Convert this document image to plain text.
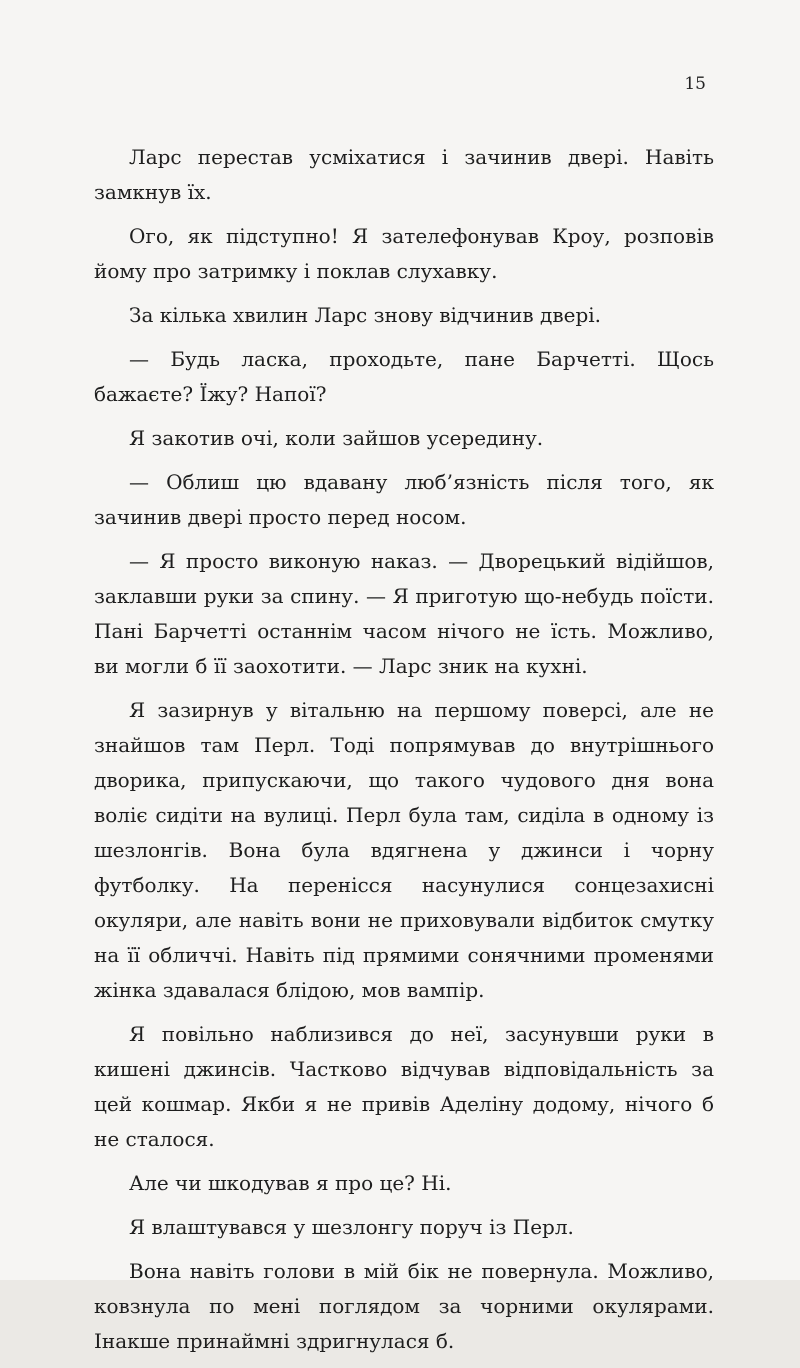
15

Ларс перестав усміхатися і зачинив двері. Навіть замкнув їх.

Ого, як підступно! Я зателефонував Кроу, розповів йому про затримку і поклав слухавку.

За кілька хвилин Ларс знову відчинив двері.

— Будь ласка, проходьте, пане Барчетті. Щось бажаєте? Їжу? Напої?

Я закотив очі, коли зайшов усередину.

— Облиш цю вдавану люб’язність після того, як зачинив двері просто перед носом.

— Я просто виконую наказ. — Дворецький відійшов, заклавши руки за спину. — Я приготую що-небудь поїсти. Пані Барчетті останнім часом нічого не їсть. Можливо, ви могли б її заохотити. — Ларс зник на кухні.

Я зазирнув у вітальню на першому поверсі, але не знайшов там Перл. Тоді попрямував до внутрішнього дворика, припускаючи, що такого чудового дня вона воліє сидіти на вулиці. Перл була там, сиділа в одному із шезлонгів. Вона була вдягнена у джинси і чорну футболку. На перенісся насунулися сонцезахисні окуляри, але навіть вони не приховували відбиток смутку на її обличчі. Навіть під прямими сонячними променями жінка здавалася блідою, мов вампір.

Я повільно наблизився до неї, засунувши руки в кишені джинсів. Частково відчував відповідальність за цей кошмар. Якби я не привів Аделіну додому, нічого б не сталося.

Але чи шкодував я про це? Ні.

Я влаштувався у шезлонгу поруч із Перл.

Вона навіть голови в мій бік не повернула. Можливо, ковзнула по мені поглядом за чорними окулярами. Інакше принаймні здригнулася б.
